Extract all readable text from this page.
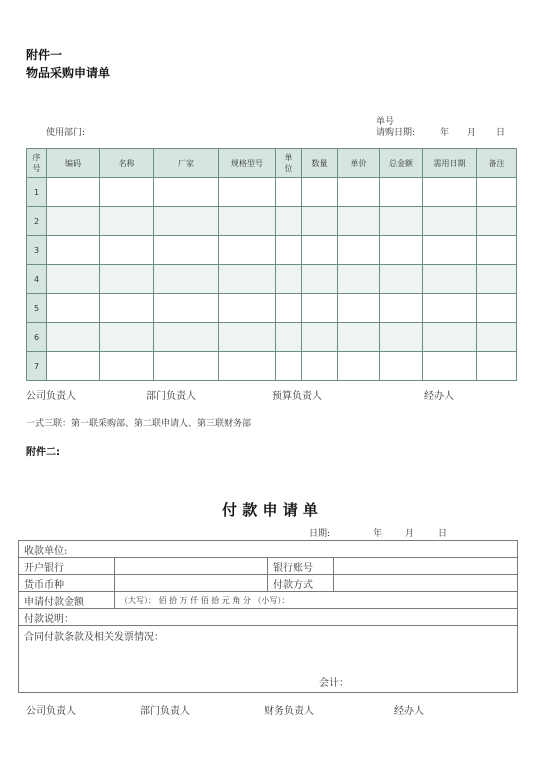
附件一
物品采购申请单
单号
使用部门:	请购日期:	年 月 日
序号	编码	名称	厂家	规格型号	单位	数量	单价	总金额	需用日期	备注
1										
2										
3										
4										
5										
6										
7										
公司负责人	部门负责人	预算负责人	经办人
一式三联：第一联采购部、第二联申请人、第三联财务部
附件二:
付 款 申 请 单
日期:	年	月	日
收款单位:			
开户银行		银行账号	
货币币种		付款方式	
申请付款金额	（大写）： 佰 拾 万 仟 佰 拾 元 角 分 （小写）：		
付款说明：			
合同付款条款及相关发票情况：
会计：			
公司负责人	部门负责人	财务负责人	经办人
